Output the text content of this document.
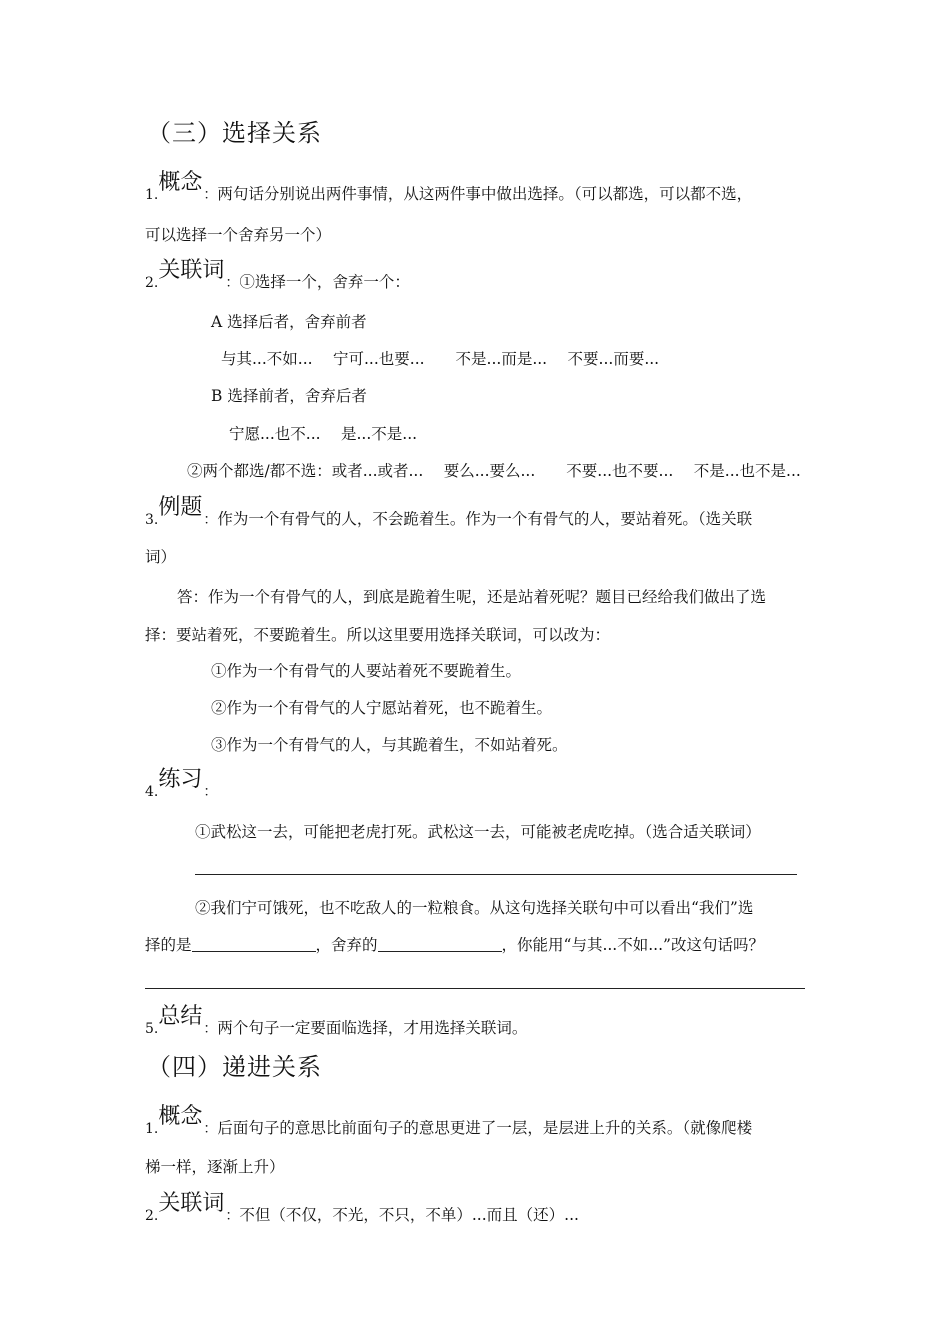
（三）选择关系
1.概念：两句话分别说出两件事情，从这两件事中做出选择。（可以都选，可以都不选，
可以选择一个舍弃另一个）
2.关联词：①选择一个，舍弃一个：
A 选择后者，舍弃前者
与其...不如...　 宁可...也要...　　不是...而是...　 不要...而要...
B 选择前者，舍弃后者
宁愿...也不...　 是...不是...
②两个都选/都不选：或者...或者...　 要么...要么...　　不要...也不要...　 不是...也不是...
3.例题：作为一个有骨气的人，不会跪着生。作为一个有骨气的人，要站着死。（选关联
词）
答：作为一个有骨气的人，到底是跪着生呢，还是站着死呢？题目已经给我们做出了选
择：要站着死，不要跪着生。所以这里要用选择关联词，可以改为：
①作为一个有骨气的人要站着死不要跪着生。
②作为一个有骨气的人宁愿站着死，也不跪着生。
③作为一个有骨气的人，与其跪着生，不如站着死。
4.练习：
①武松这一去，可能把老虎打死。武松这一去，可能被老虎吃掉。（选合适关联词）
②我们宁可饿死，也不吃敌人的一粒粮食。从这句选择关联句中可以看出“我们”选
择的是	，舍弃的	，你能用“与其...不如...”改这句话吗？
5.总结：两个句子一定要面临选择，才用选择关联词。
（四）递进关系
1.概念：后面句子的意思比前面句子的意思更进了一层，是层进上升的关系。（就像爬楼
梯一样，逐渐上升）
2.关联词：不但（不仅，不光，不只，不单）...而且（还）...
